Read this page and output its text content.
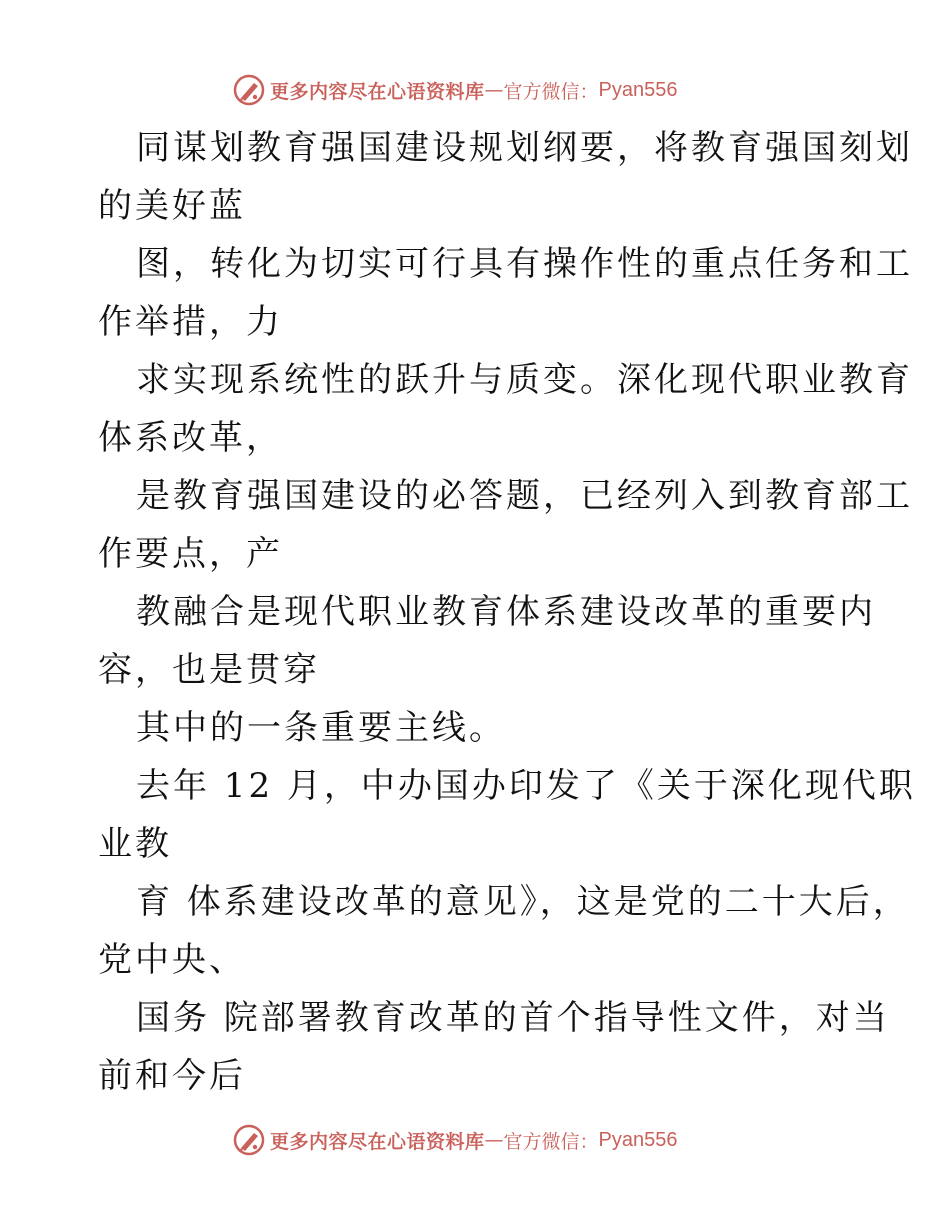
更多内容尽在心语资料库 — 官方微信： Pyan556
同谋划教育强国建设规划纲要，将教育强国刻划
的美好蓝
图，转化为切实可行具有操作性的重点任务和工
作举措，力
求实现系统性的跃升与质变。深化现代职业教育
体系改革，
是教育强国建设的必答题，已经列入到教育部工
作要点，产
教融合是现代职业教育体系建设改革的重要内
容，也是贯穿
其中的一条重要主线。
去年 12 月，中办国办印发了《关于深化现代职
业教
育 体系建设改革的意见》，这是党的二十大后，
党中央、
国务 院部署教育改革的首个指导性文件，对当
前和今后
更多内容尽在心语资料库 — 官方微信： Pyan556
